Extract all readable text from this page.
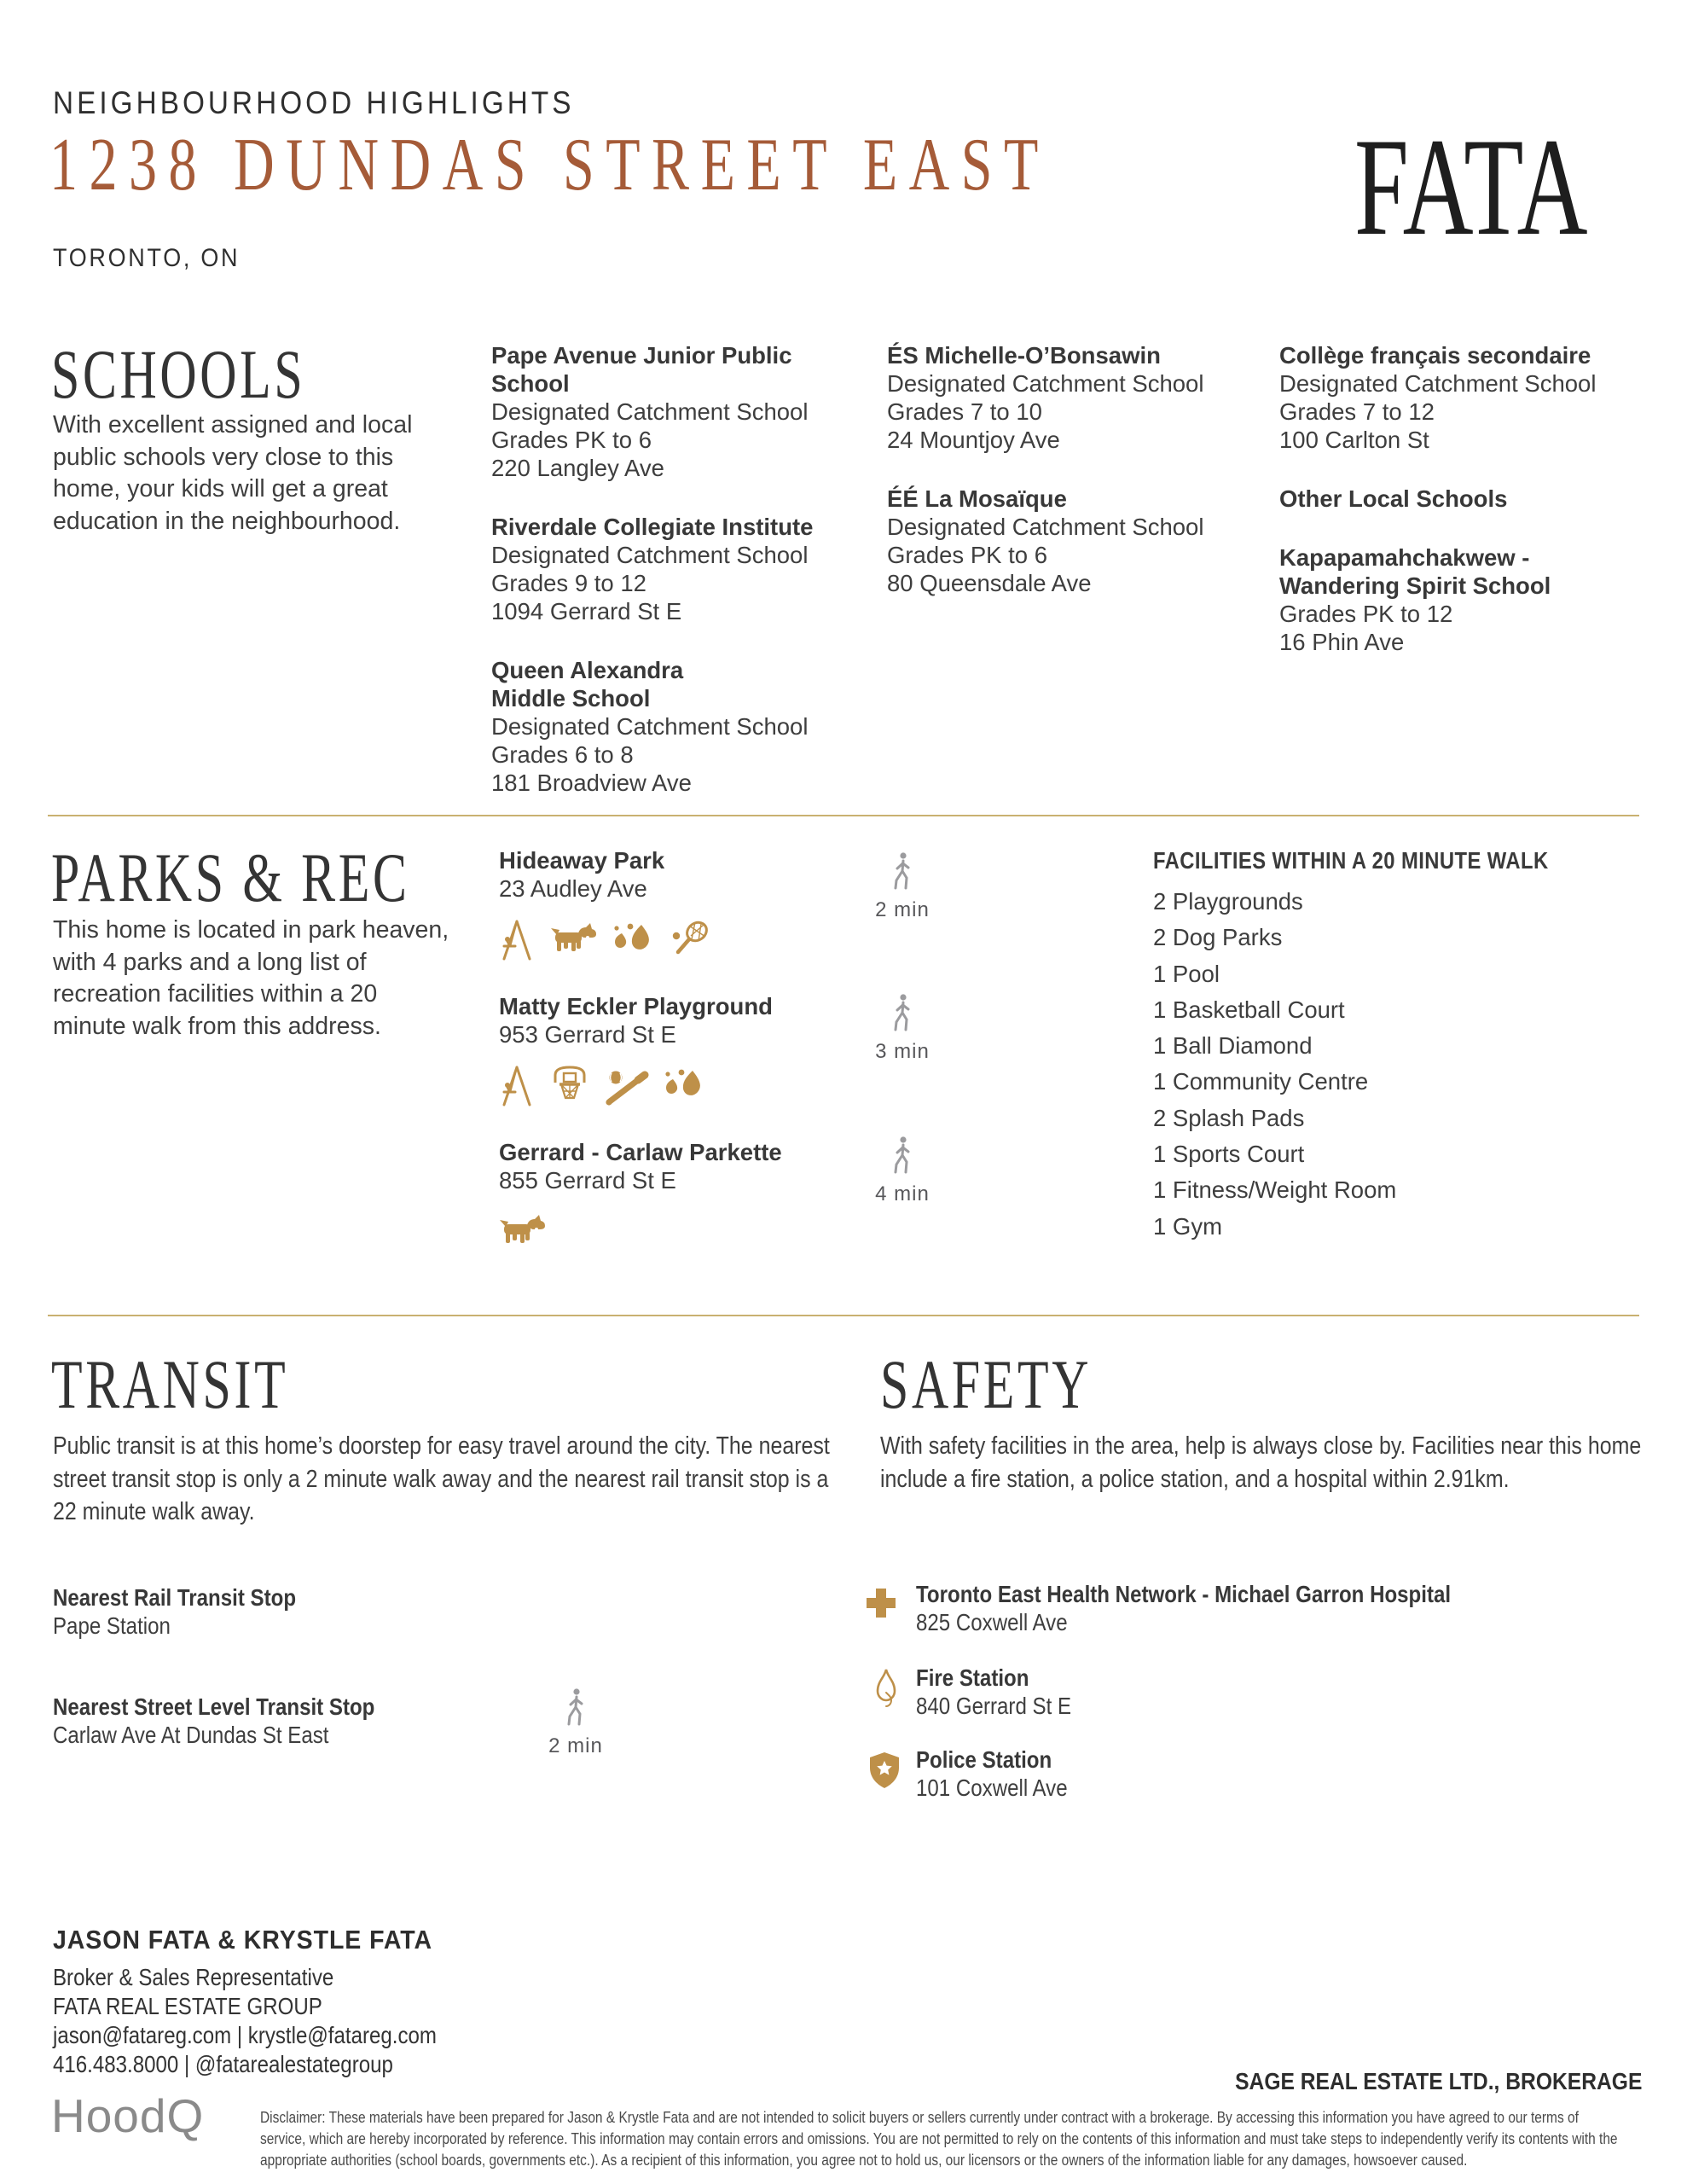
NEIGHBOURHOOD HIGHLIGHTS
1238 DUNDAS STREET EAST
TORONTO, ON	FATA
SCHOOLS
With excellent assigned and local public schools very close to this home, your kids will get a great education in the neighbourhood.
Pape Avenue Junior Public School
Designated Catchment School
Grades PK to 6
220 Langley Ave
Riverdale Collegiate Institute
Designated Catchment School
Grades 9 to 12
1094 Gerrard St E
Queen Alexandra
Middle School
Designated Catchment School
Grades 6 to 8
181 Broadview Ave
ÉS Michelle-O’Bonsawin
Designated Catchment School
Grades 7 to 10
24 Mountjoy Ave
ÉÉ La Mosaïque
Designated Catchment School
Grades PK to 6
80 Queensdale Ave
Collège français secondaire
Designated Catchment School
Grades 7 to 12
100 Carlton St
Other Local Schools
Kapapamahchakwew -
Wandering Spirit School
Grades PK to 12
16 Phin Ave
PARKS & REC
This home is located in park heaven, with 4 parks and a long list of recreation facilities within a 20 minute walk from this address.
Hideaway Park
23 Audley Ave
Matty Eckler Playground
953 Gerrard St E
Gerrard - Carlaw Parkette
855 Gerrard St E
2 min
3 min
4 min
FACILITIES WITHIN A 20 MINUTE WALK
2 Playgrounds
2 Dog Parks
1 Pool
1 Basketball Court
1 Ball Diamond
1 Community Centre
2 Splash Pads
1 Sports Court
1 Fitness/Weight Room
1 Gym
TRANSIT
Public transit is at this home’s doorstep for easy travel around the city. The nearest street transit stop is only a 2 minute walk away and the nearest rail transit stop is a 22 minute walk away.
Nearest Rail Transit Stop
Pape Station
Nearest Street Level Transit Stop
Carlaw Ave At Dundas St East	2 min
SAFETY
With safety facilities in the area, help is always close by. Facilities near this home include a fire station, a police station, and a hospital within 2.91km.
Toronto East Health Network - Michael Garron Hospital
825 Coxwell Ave
Fire Station
840 Gerrard St E
Police Station
101 Coxwell Ave
JASON FATA & KRYSTLE FATA
Broker & Sales Representative
FATA REAL ESTATE GROUP
jason@fatareg.com | krystle@fatareg.com
416.483.8000 | @fatarealestategroup
SAGE REAL ESTATE LTD., BROKERAGE
HoodQ	Disclaimer: These materials have been prepared for Jason & Krystle Fata and are not intended to solicit buyers or sellers currently under contract with a brokerage. By accessing this information you have agreed to our terms of service, which are hereby incorporated by reference. This information may contain errors and omissions. You are not permitted to rely on the contents of this information and must take steps to independently verify its contents with the appropriate authorities (school boards, governments etc.). As a recipient of this information, you agree not to hold us, our licensors or the owners of the information liable for any damages, howsoever caused.
